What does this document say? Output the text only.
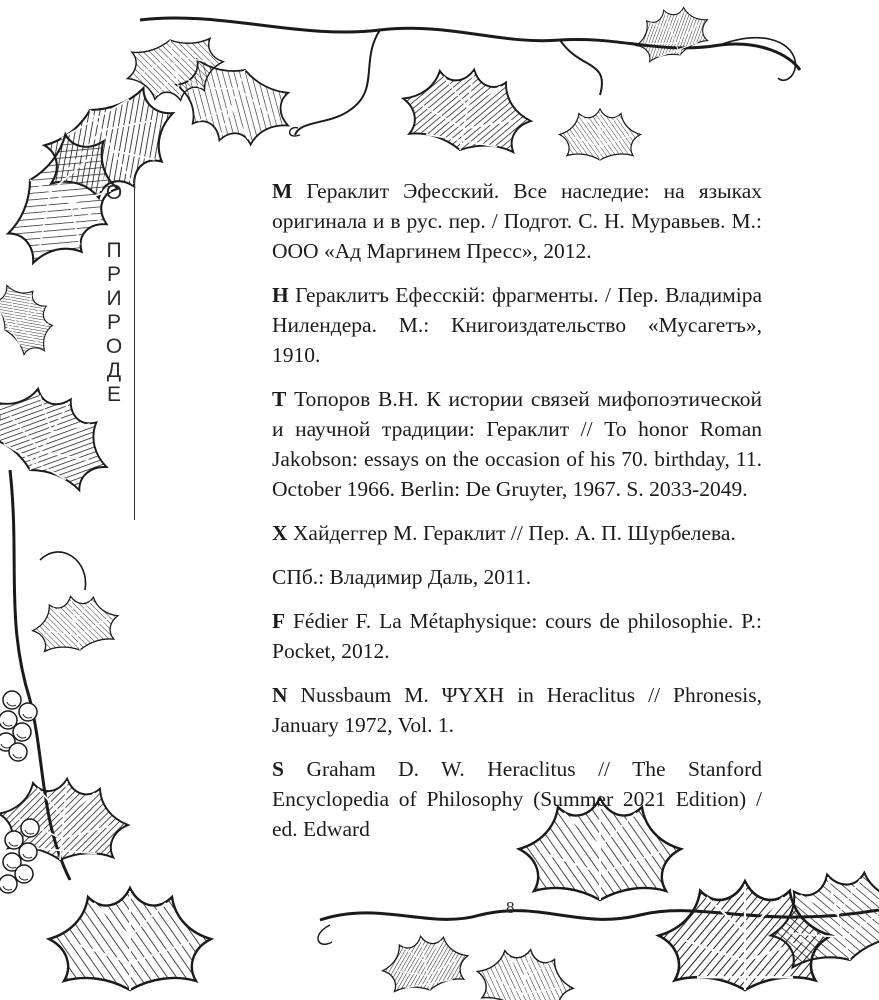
О
П
Р
И
Р
О
Д
Е

М Гераклит Эфесский. Все наследие: на языках оригинала и в рус. пер. / Подгот. С. Н. Муравьев. М.: ООО «Ад Маргинем Пресс», 2012.

Н Гераклитъ Ефесскiй: фрагменты. / Пер. Владимiра Нилендера. М.: Книгоиздательство «Мусагетъ», 1910.

Т Топоров В.Н. К истории связей мифопоэтической и научной традиции: Гераклит // To honor Roman Jakobson: essays on the occasion of his 70. birthday, 11. October 1966. Berlin: De Gruyter, 1967. S. 2033-2049.

Х Хайдеггер М. Гераклит // Пер. А. П. Шурбелева.

СПб.: Владимир Даль, 2011.

F Fédier F. La Métaphysique: cours de philosophie. P.: Pocket, 2012.

N Nussbaum M. ΨΥΧΗ in Heraclitus // Phronesis, January 1972, Vol. 1.

S Graham D. W. Heraclitus // The Stanford Encyclopedia of Philosophy (Summer 2021 Edition) / ed. Edward

8
